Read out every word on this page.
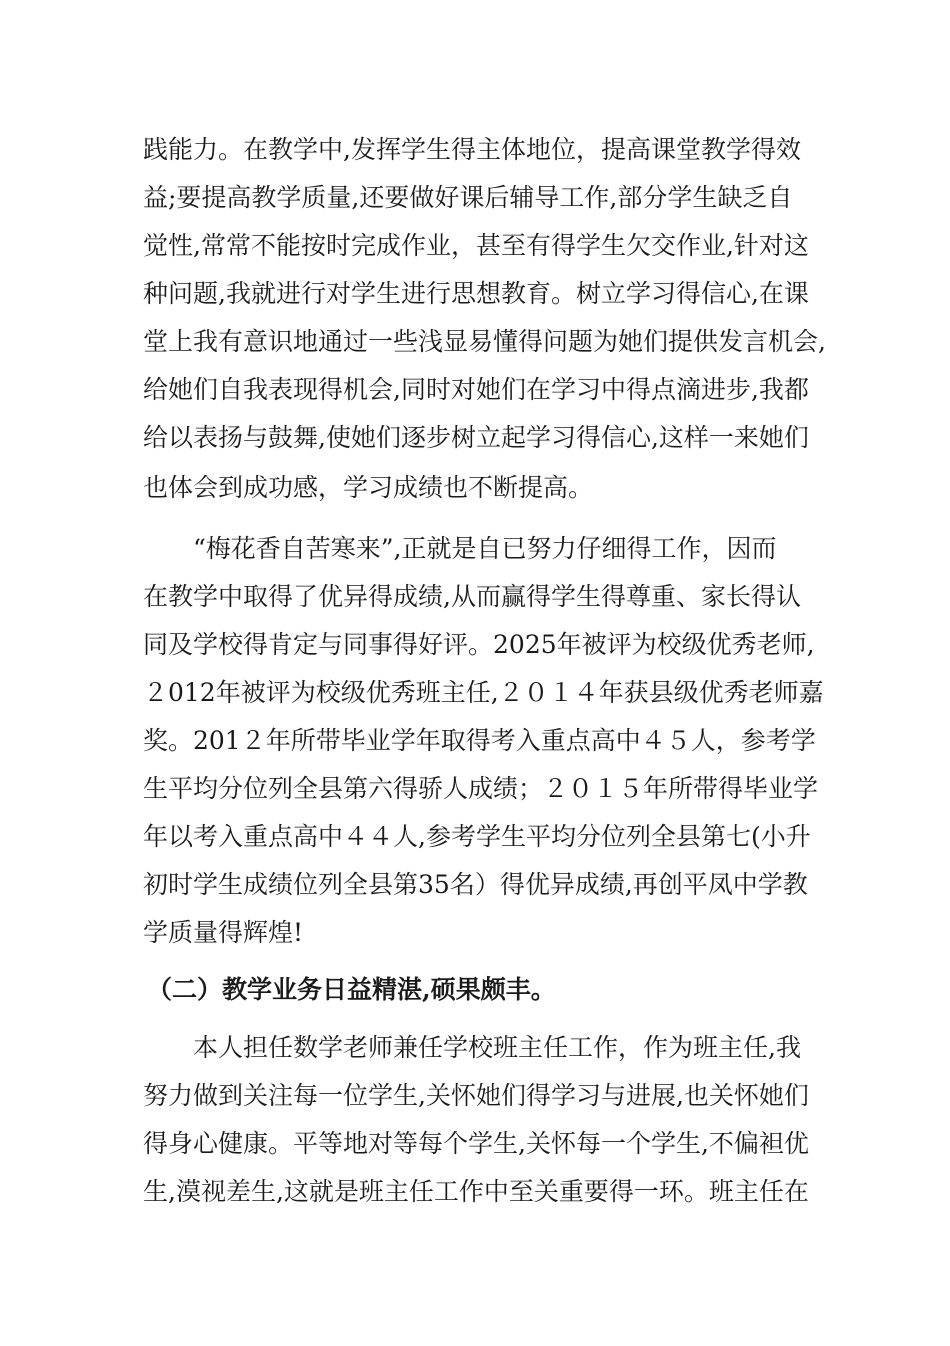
践能力。在教学中,发挥学生得主体地位，提高课堂教学得效
益;要提高教学质量,还要做好课后辅导工作,部分学生缺乏自
觉性,常常不能按时完成作业，甚至有得学生欠交作业,针对这
种问题,我就进行对学生进行思想教育。树立学习得信心,在课
堂上我有意识地通过一些浅显易懂得问题为她们提供发言机会,
给她们自我表现得机会,同时对她们在学习中得点滴进步,我都
给以表扬与鼓舞,使她们逐步树立起学习得信心,这样一来她们
也体会到成功感，学习成绩也不断提高。
“梅花香自苦寒来”,正就是自已努力仔细得工作，因而
在教学中取得了优异得成绩,从而赢得学生得尊重、家长得认
同及学校得肯定与同事得好评。2025年被评为校级优秀老师,
２012年被评为校级优秀班主任,２０１４年获县级优秀老师嘉
奖。201２年所带毕业学年取得考入重点高中４５人，参考学
生平均分位列全县第六得骄人成绩；２０１５年所带得毕业学
年以考入重点高中４４人,参考学生平均分位列全县第七(小升
初时学生成绩位列全县第35名）得优异成绩,再创平凤中学教
学质量得辉煌!
（二）教学业务日益精湛,硕果颇丰。
本人担任数学老师兼任学校班主任工作，作为班主任,我
努力做到关注每一位学生,关怀她们得学习与进展,也关怀她们
得身心健康。平等地对等每个学生,关怀每一个学生,不偏袒优
生,漠视差生,这就是班主任工作中至关重要得一环。班主任在
